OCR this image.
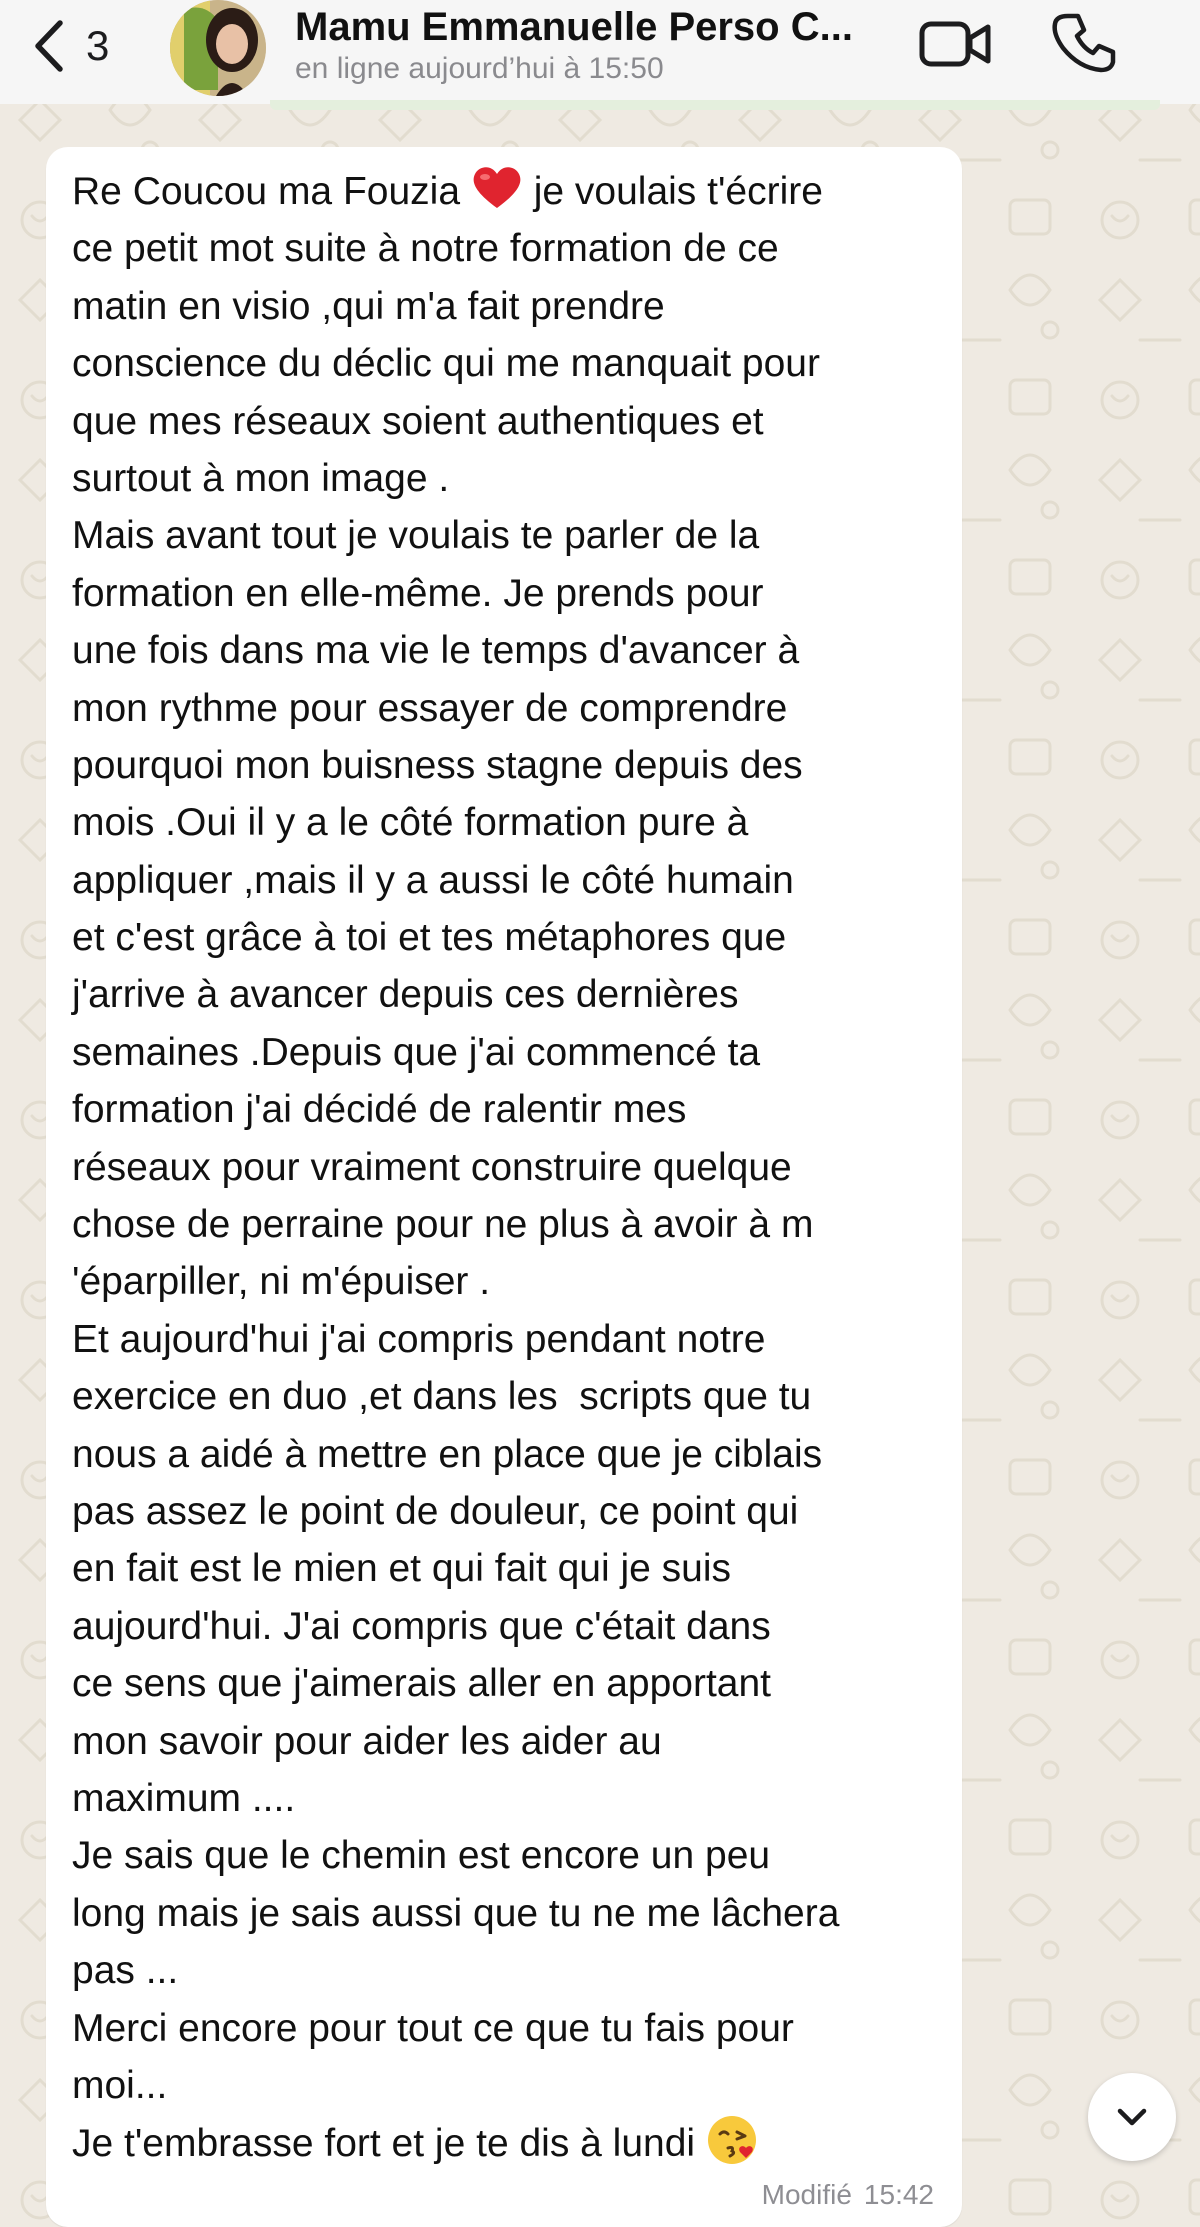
3	Mamu Emmanuelle Perso C...
en ligne aujourd’hui à 15:50
Re Coucou ma Fouzia  je voulais t'écrire
ce petit mot suite à notre formation de ce
matin en visio ,qui m'a fait prendre
conscience du déclic qui me manquait pour
que mes réseaux soient authentiques et
surtout à mon image .
Mais avant tout je voulais te parler de la
formation en elle-même. Je prends pour
une fois dans ma vie le temps d'avancer à
mon rythme pour essayer de comprendre
pourquoi mon buisness stagne depuis des
mois .Oui il y a le côté formation pure à
appliquer ,mais il y a aussi le côté humain
et c'est grâce à toi et tes métaphores que
j'arrive à avancer depuis ces dernières
semaines .Depuis que j'ai commencé ta
formation j'ai décidé de ralentir mes
réseaux pour vraiment construire quelque
chose de perraine pour ne plus à avoir à m
'éparpiller, ni m'épuiser .
Et aujourd'hui j'ai compris pendant notre
exercice en duo ,et dans les  scripts que tu
nous a aidé à mettre en place que je ciblais
pas assez le point de douleur, ce point qui
en fait est le mien et qui fait qui je suis
aujourd'hui. J'ai compris que c'était dans
ce sens que j'aimerais aller en apportant
mon savoir pour aider les aider au
maximum ....
Je sais que le chemin est encore un peu
long mais je sais aussi que tu ne me lâchera
pas ...
Merci encore pour tout ce que tu fais pour
moi...
Je t'embrasse fort et je te dis à lundi
Modifié 15:42
